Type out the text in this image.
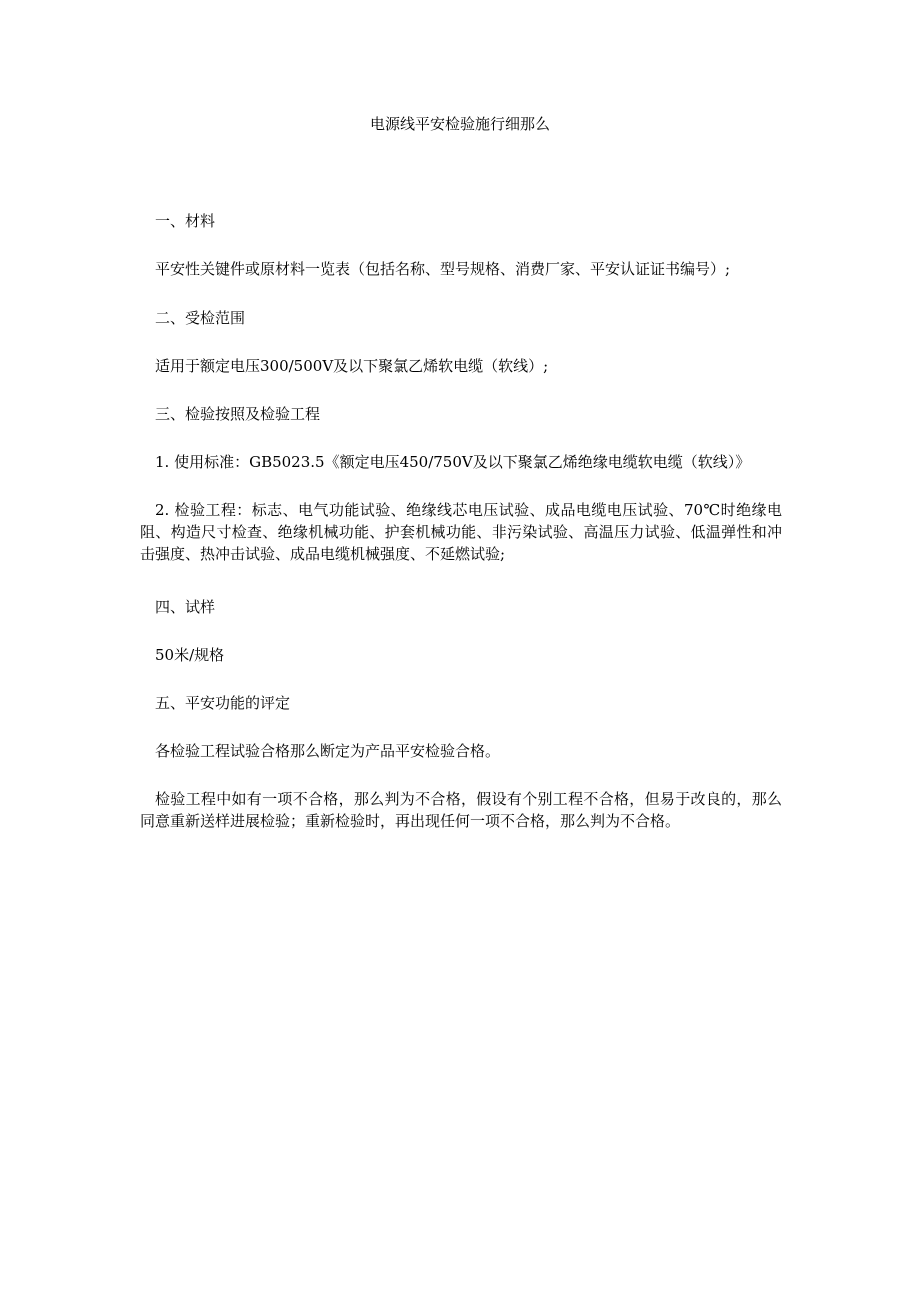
电源线平安检验施行细那么

一、材料

平安性关键件或原材料一览表（包括名称、型号规格、消费厂家、平安认证证书编号）;

二、受检范围

适用于额定电压300/500V及以下聚氯乙烯软电缆（软线）;

三、检验按照及检验工程

1. 使用标准：GB5023.5《额定电压450/750V及以下聚氯乙烯绝缘电缆软电缆（软线）》

2. 检验工程：标志、电气功能试验、绝缘线芯电压试验、成品电缆电压试验、70℃时绝缘电阻、构造尺寸检查、绝缘机械功能、护套机械功能、非污染试验、高温压力试验、低温弹性和冲击强度、热冲击试验、成品电缆机械强度、不延燃试验;

四、试样

50米/规格

五、平安功能的评定

各检验工程试验合格那么断定为产品平安检验合格。

检验工程中如有一项不合格，那么判为不合格，假设有个别工程不合格，但易于改良的，那么同意重新送样进展检验；重新检验时，再出现任何一项不合格，那么判为不合格。
